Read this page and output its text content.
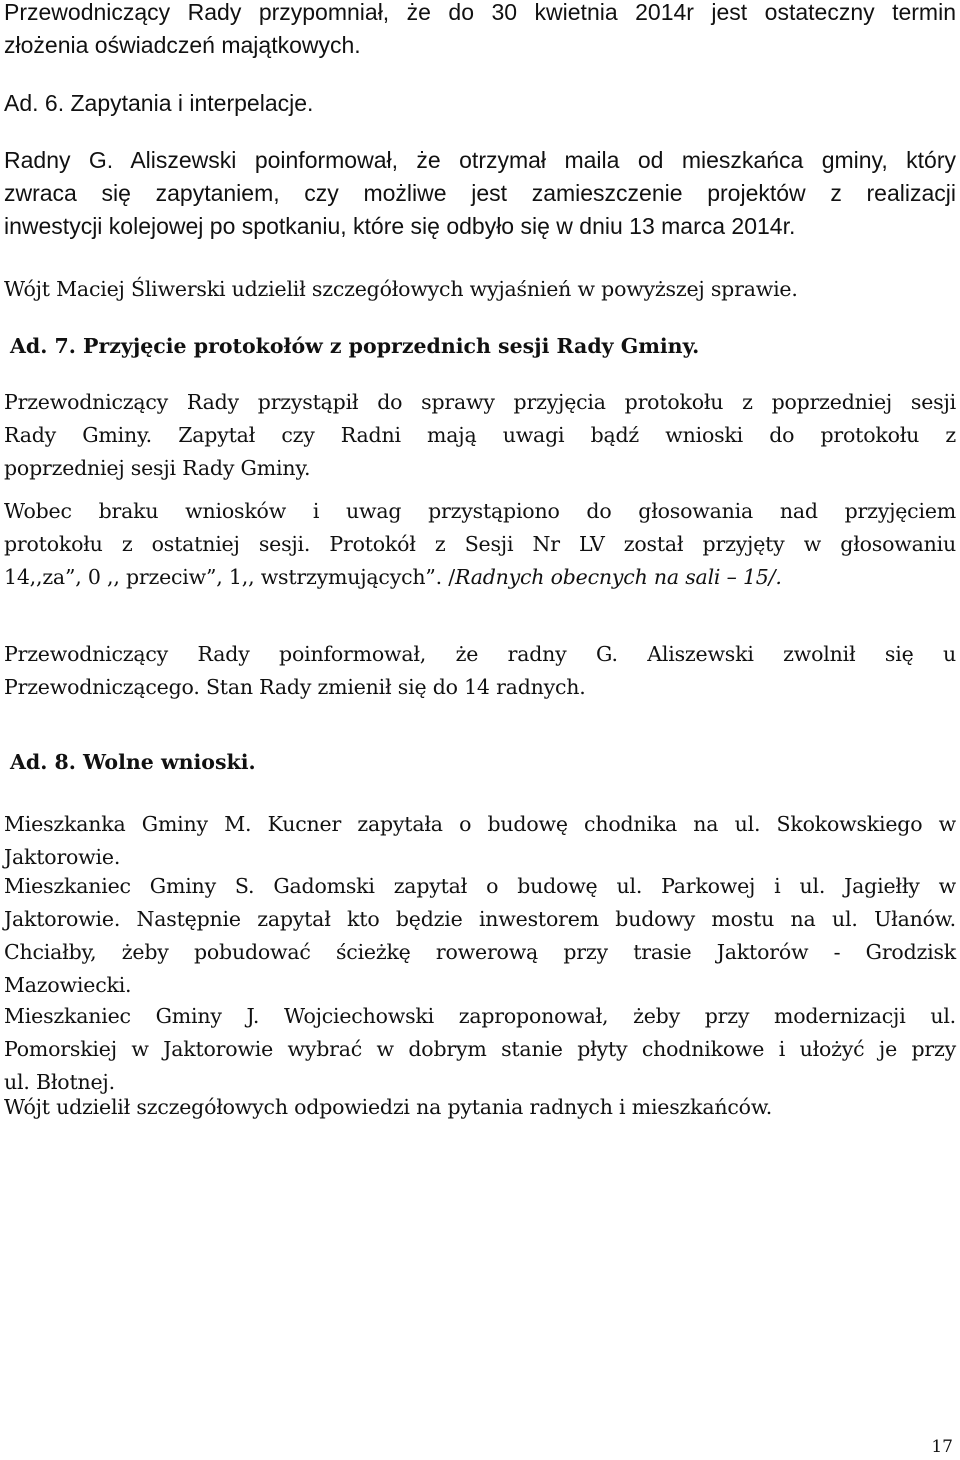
Przewodniczący Rady przypomniał, że do 30 kwietnia 2014r jest ostateczny termin
złożenia oświadczeń majątkowych.

Ad. 6. Zapytania i interpelacje.

Radny G. Aliszewski poinformował, że otrzymał maila od mieszkańca gminy, który
zwraca się zapytaniem, czy możliwe jest zamieszczenie projektów z realizacji
inwestycji kolejowej po spotkaniu, które się odbyło się w dniu 13 marca 2014r.

Wójt Maciej Śliwerski udzielił szczegółowych wyjaśnień w powyższej sprawie.

Ad. 7. Przyjęcie protokołów z poprzednich sesji Rady Gminy.

Przewodniczący Rady przystąpił do sprawy przyjęcia protokołu z poprzedniej sesji
Rady Gminy. Zapytał czy Radni mają uwagi bądź wnioski do protokołu z
poprzedniej sesji Rady Gminy.

Wobec braku wniosków i uwag przystąpiono do głosowania nad przyjęciem
protokołu z ostatniej sesji. Protokół z Sesji Nr LV został przyjęty w głosowaniu
14,,za”, 0 ,, przeciw”, 1,, wstrzymujących”. /Radnych obecnych na sali – 15/.

Przewodniczący Rady poinformował, że radny G. Aliszewski zwolnił się u
Przewodniczącego. Stan Rady zmienił się do 14 radnych.

Ad. 8. Wolne wnioski.

Mieszkanka Gminy M. Kucner zapytała o budowę chodnika na ul. Skokowskiego w
Jaktorowie.

Mieszkaniec Gminy S. Gadomski zapytał o budowę ul. Parkowej i ul. Jagiełły w
Jaktorowie. Następnie zapytał kto będzie inwestorem budowy mostu na ul. Ułanów.
Chciałby, żeby pobudować ścieżkę rowerową przy trasie Jaktorów - Grodzisk
Mazowiecki.

Mieszkaniec Gminy J. Wojciechowski zaproponował, żeby przy modernizacji ul.
Pomorskiej w Jaktorowie wybrać w dobrym stanie płyty chodnikowe i ułożyć je przy
ul. Błotnej.

Wójt udzielił szczegółowych odpowiedzi na pytania radnych i mieszkańców.

17
